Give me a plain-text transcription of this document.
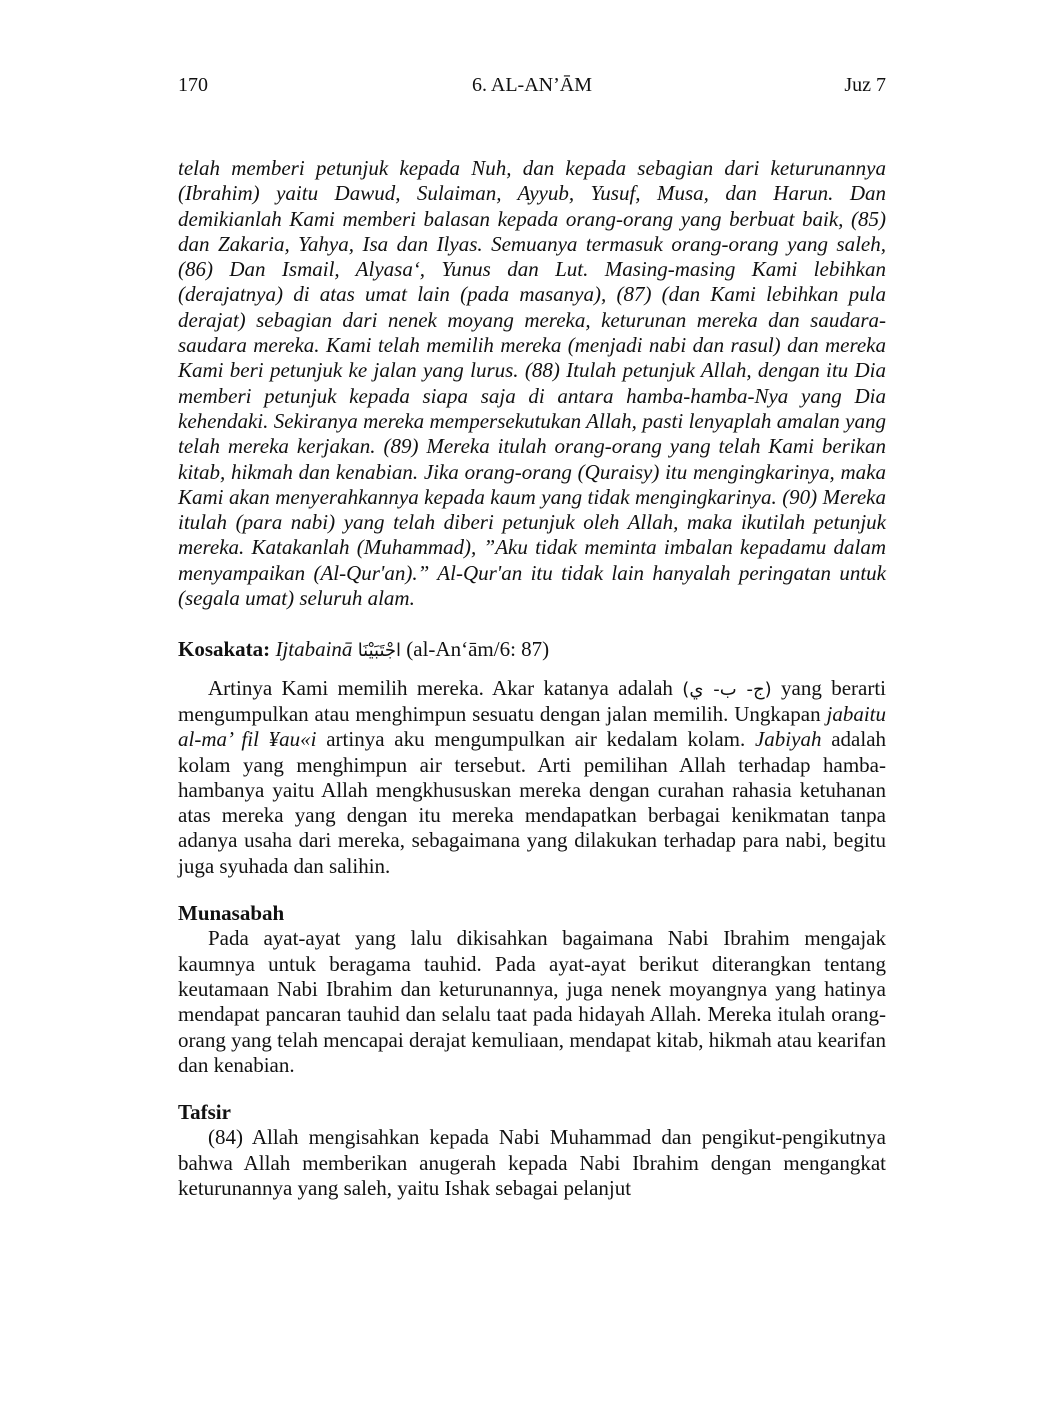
170	6. AL-AN’ĀM	Juz 7

telah memberi petunjuk kepada Nuh, dan kepada sebagian dari keturunannya (Ibrahim) yaitu Dawud, Sulaiman, Ayyub, Yusuf, Musa, dan Harun. Dan demikianlah Kami memberi balasan kepada orang-orang yang berbuat baik, (85) dan Zakaria, Yahya, Isa dan Ilyas. Semuanya termasuk orang-orang yang saleh, (86) Dan Ismail, Alyasa‘, Yunus dan Lut. Masing-masing Kami lebihkan (derajatnya) di atas umat lain (pada masanya), (87) (dan Kami lebihkan pula derajat) sebagian dari nenek moyang mereka, keturunan mereka dan saudara-saudara mereka. Kami telah memilih mereka (menjadi nabi dan rasul) dan mereka Kami beri petunjuk ke jalan yang lurus. (88) Itulah petunjuk Allah, dengan itu Dia memberi petunjuk kepada siapa saja di antara hamba-hamba-Nya yang Dia kehendaki. Sekiranya mereka mempersekutukan Allah, pasti lenyaplah amalan yang telah mereka kerjakan. (89) Mereka itulah orang-orang yang telah Kami berikan kitab, hikmah dan kenabian. Jika orang-orang (Quraisy) itu mengingkarinya, maka Kami akan menyerahkannya kepada kaum yang tidak mengingkarinya. (90) Mereka itulah (para nabi) yang telah diberi petunjuk oleh Allah, maka ikutilah petunjuk mereka. Katakanlah (Muhammad), ”Aku tidak meminta imbalan kepadamu dalam menyampaikan (Al-Qur'an).” Al-Qur'an itu tidak lain hanyalah peringatan untuk (segala umat) seluruh alam.

Kosakata: Ijtabainā اجْتَبَيْنَا (al-An‘ām/6: 87)

Artinya Kami memilih mereka. Akar katanya adalah (ج- ب- ي) yang berarti mengumpulkan atau menghimpun sesuatu dengan jalan memilih. Ungkapan jabaitu al-ma’ fil ¥au«i artinya aku mengumpulkan air kedalam kolam. Jabiyah adalah kolam yang menghimpun air tersebut. Arti pemilihan Allah terhadap hamba-hambanya yaitu Allah mengkhususkan mereka dengan curahan rahasia ketuhanan atas mereka yang dengan itu mereka mendapatkan berbagai kenikmatan tanpa adanya usaha dari mereka, sebagaimana yang dilakukan terhadap para nabi, begitu juga syuhada dan salihin.

Munasabah

Pada ayat-ayat yang lalu dikisahkan bagaimana Nabi Ibrahim mengajak kaumnya untuk beragama tauhid. Pada ayat-ayat berikut diterangkan tentang keutamaan Nabi Ibrahim dan keturunannya, juga nenek moyangnya yang hatinya mendapat pancaran tauhid dan selalu taat pada hidayah Allah. Mereka itulah orang-orang yang telah mencapai derajat kemuliaan, mendapat kitab, hikmah atau kearifan dan kenabian.

Tafsir

(84) Allah mengisahkan kepada Nabi Muhammad dan pengikut-pengikutnya bahwa Allah memberikan anugerah kepada Nabi Ibrahim dengan mengangkat keturunannya yang saleh, yaitu Ishak sebagai pelanjut
